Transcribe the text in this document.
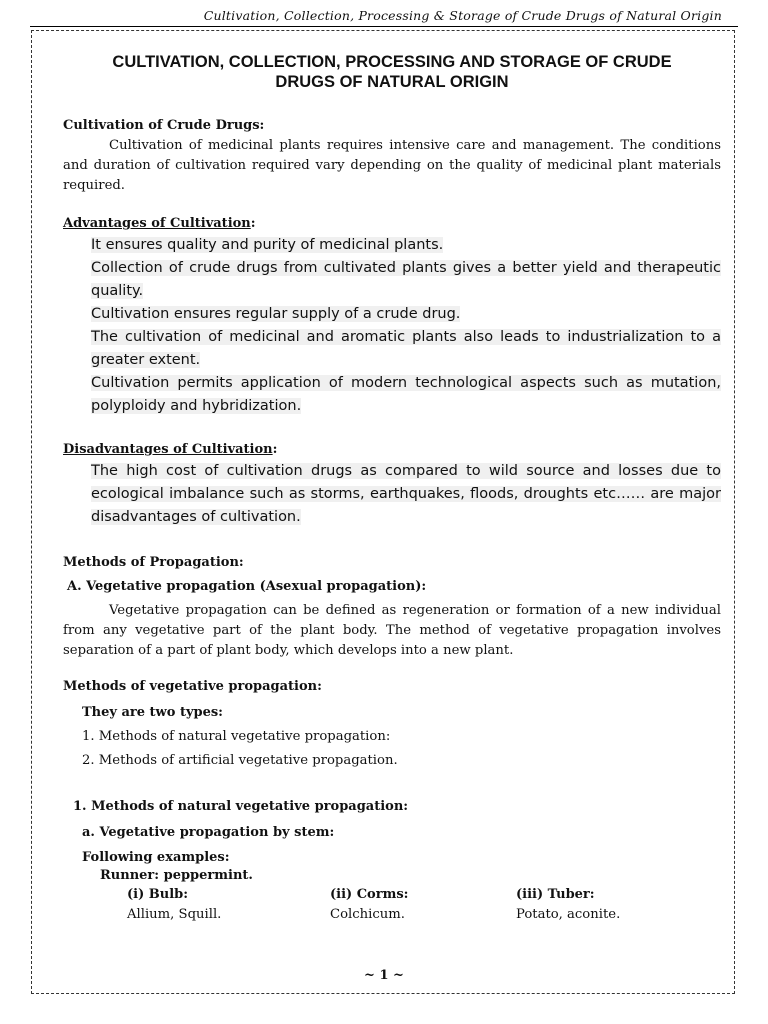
Cultivation, Collection, Processing & Storage of Crude Drugs of Natural Origin
CULTIVATION, COLLECTION, PROCESSING AND STORAGE OF CRUDE
DRUGS OF NATURAL ORIGIN
Cultivation of Crude Drugs:

Cultivation of medicinal plants requires intensive care and management. The conditions and duration of cultivation required vary depending on the quality of medicinal plant materials required.

Advantages of Cultivation:
It ensures quality and purity of medicinal plants.
Collection of crude drugs from cultivated plants gives a better yield and therapeutic quality.
Cultivation ensures regular supply of a crude drug.
The cultivation of medicinal and aromatic plants also leads to industrialization to a greater extent.
Cultivation permits application of modern technological aspects such as mutation, polyploidy and hybridization.
Disadvantages of Cultivation:
The high cost of cultivation drugs as compared to wild source and losses due to ecological imbalance such as storms, earthquakes, floods, droughts etc…… are major disadvantages of cultivation.
Methods of Propagation:
A. Vegetative propagation (Asexual propagation):

Vegetative propagation can be defined as regeneration or formation of a new individual from any vegetative part of the plant body. The method of vegetative propagation involves separation of a part of plant body, which develops into a new plant.

Methods of vegetative propagation:
They are two types:
1. Methods of natural vegetative propagation:
2. Methods of artificial vegetative propagation.
1. Methods of natural vegetative propagation:
a. Vegetative propagation by stem:
Following examples:
Runner: peppermint.
(i) Bulb:
Allium, Squill.
(ii) Corms:
Colchicum.
(iii) Tuber:
Potato, aconite.
~ 1 ~
